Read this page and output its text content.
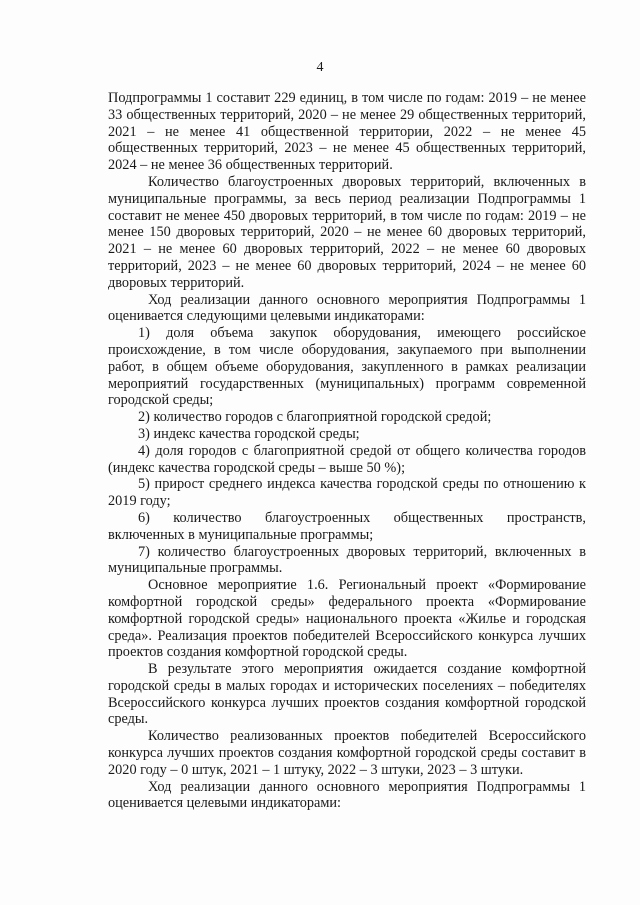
4

Подпрограммы 1 составит 229 единиц, в том числе по годам: 2019 – не менее 33 общественных территорий, 2020 – не менее 29 общественных территорий, 2021 – не менее 41 общественной территории, 2022 – не менее 45 общественных территорий, 2023 – не менее 45 общественных территорий, 2024 – не менее 36 общественных территорий.

Количество благоустроенных дворовых территорий, включенных в муниципальные программы, за весь период реализации Подпрограммы 1 составит не менее 450 дворовых территорий, в том числе по годам: 2019 – не менее 150 дворовых территорий, 2020 – не менее 60 дворовых территорий, 2021 – не менее 60 дворовых территорий, 2022 – не менее 60 дворовых территорий, 2023 – не менее 60 дворовых территорий, 2024 – не менее 60 дворовых территорий.

Ход реализации данного основного мероприятия Подпрограммы 1 оценивается следующими целевыми индикаторами:

1) доля объема закупок оборудования, имеющего российское происхождение, в том числе оборудования, закупаемого при выполнении работ, в общем объеме оборудования, закупленного в рамках реализации мероприятий государственных (муниципальных) программ современной городской среды;

2) количество городов с благоприятной городской средой;

3) индекс качества городской среды;

4) доля городов с благоприятной средой от общего количества городов (индекс качества городской среды – выше 50 %);

5) прирост среднего индекса качества городской среды по отношению к 2019 году;

6) количество благоустроенных общественных пространств, включенных в муниципальные программы;

7) количество благоустроенных дворовых территорий, включенных в муниципальные программы.

Основное мероприятие 1.6. Региональный проект «Формирование комфортной городской среды» федерального проекта «Формирование комфортной городской среды» национального проекта «Жилье и городская среда». Реализация проектов победителей Всероссийского конкурса лучших проектов создания комфортной городской среды.

В результате этого мероприятия ожидается создание комфортной городской среды в малых городах и исторических поселениях – победителях Всероссийского конкурса лучших проектов создания комфортной городской среды.

Количество реализованных проектов победителей Всероссийского конкурса лучших проектов создания комфортной городской среды составит в 2020 году – 0 штук, 2021 – 1 штуку, 2022 – 3 штуки, 2023 – 3 штуки.

Ход реализации данного основного мероприятия Подпрограммы 1 оценивается целевыми индикаторами:
